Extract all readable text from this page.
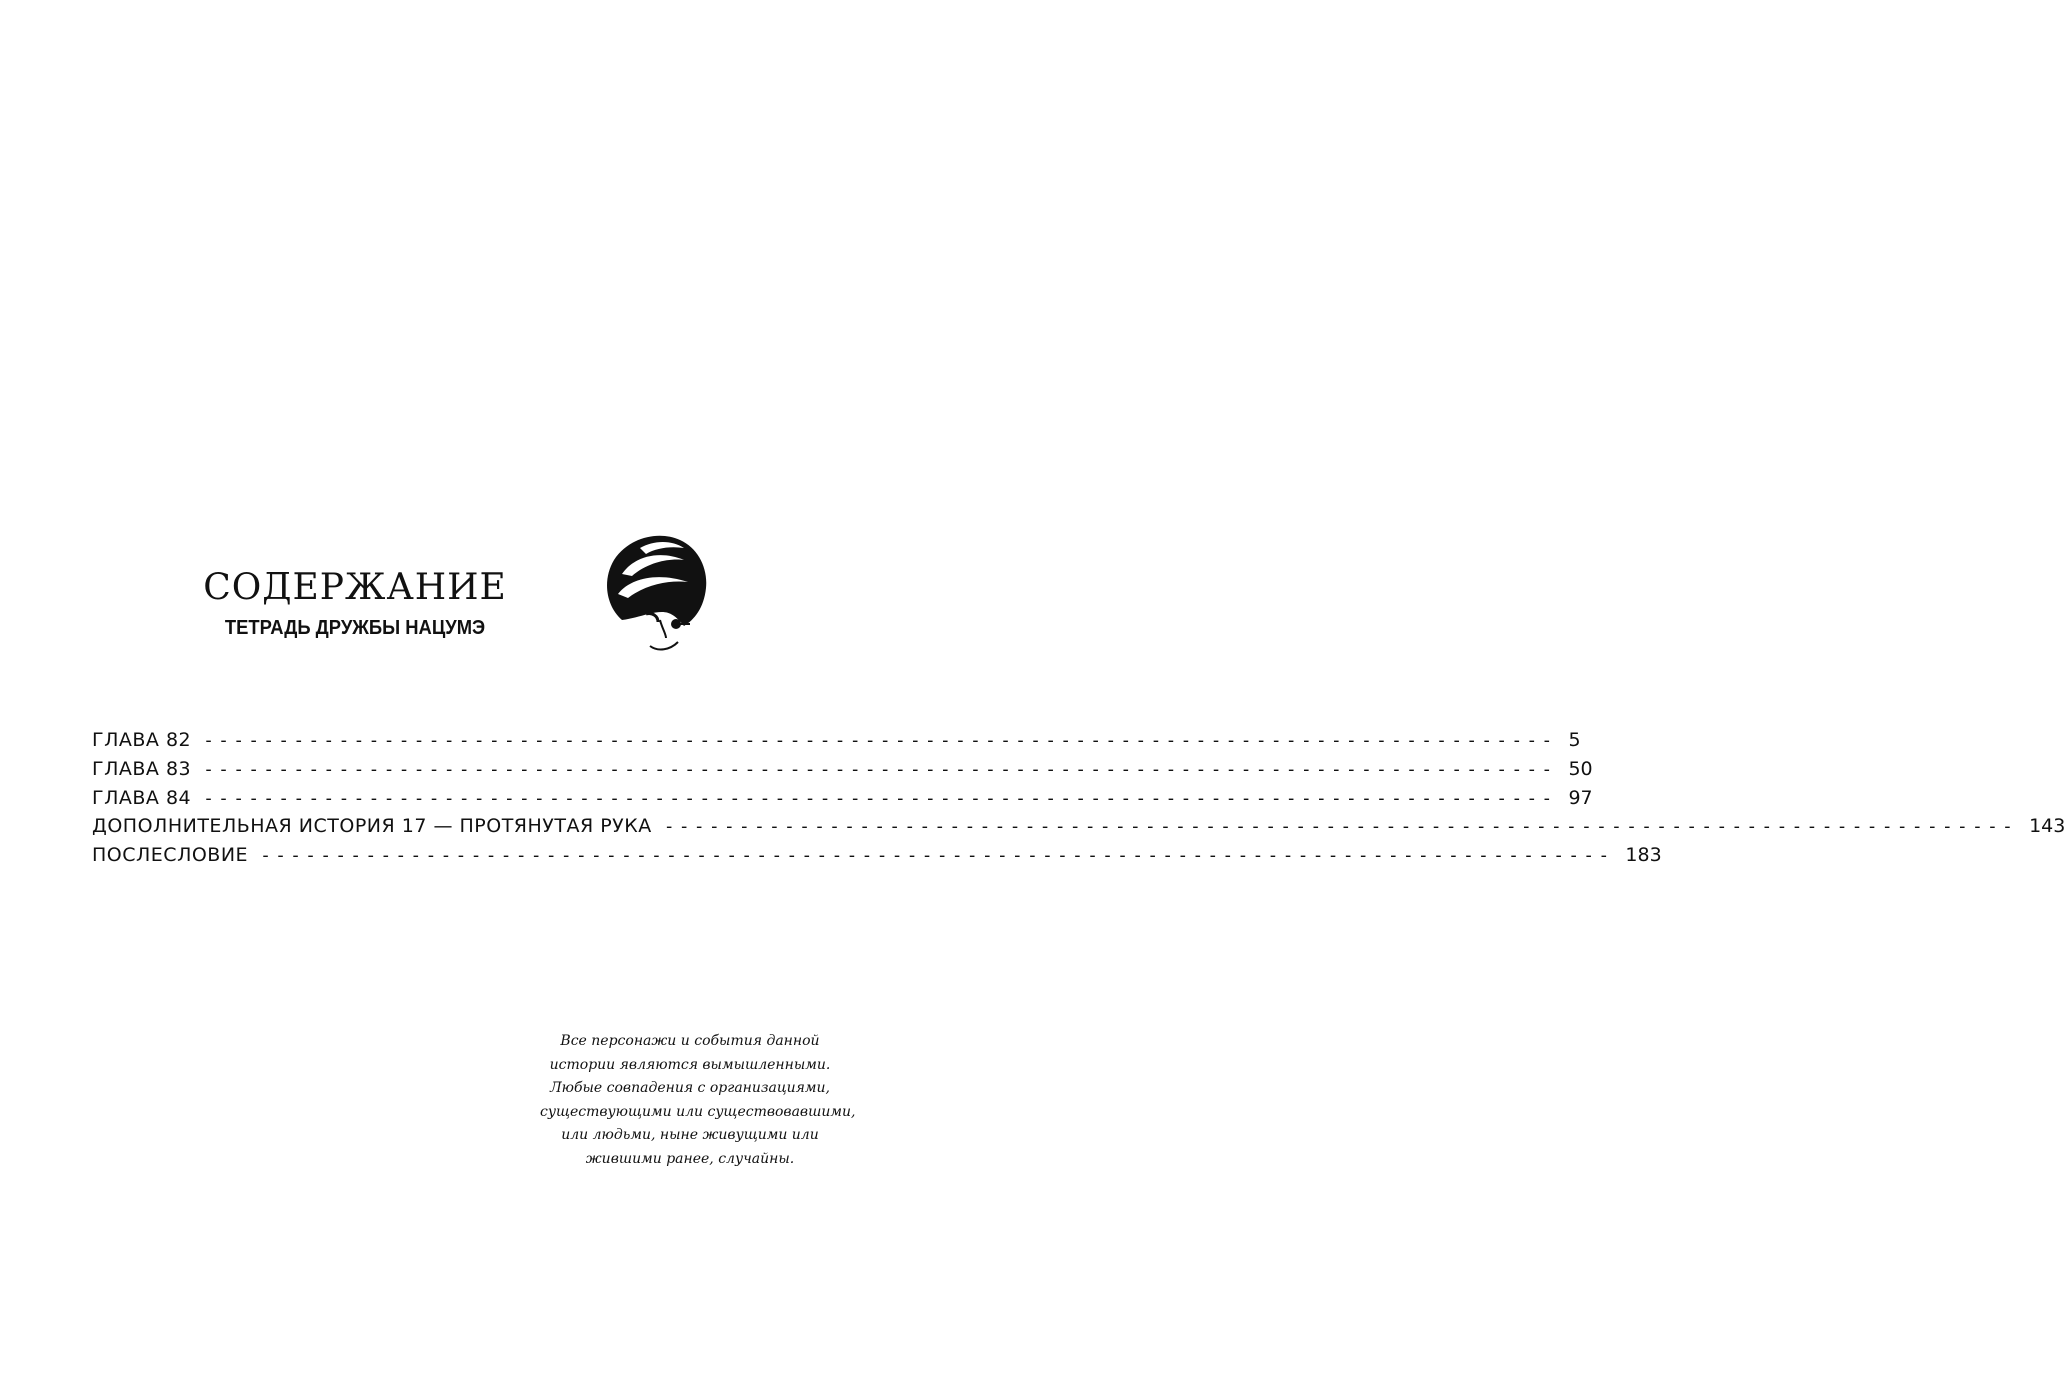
СОДЕРЖАНИЕ
ТЕТРАДЬ ДРУЖБЫ НАЦУМЭ
ГЛАВА 82 ------------------------------------------------------------------------------------------ 5
ГЛАВА 83 ------------------------------------------------------------------------------------------ 50
ГЛАВА 84 ------------------------------------------------------------------------------------------ 97
ДОПОЛНИТЕЛЬНАЯ ИСТОРИЯ 17 — ПРОТЯНУТАЯ РУКА ------------------------------------------------------------------------------------------ 143
ПОСЛЕСЛОВИЕ ------------------------------------------------------------------------------------------ 183
Все персонажи и события данной
истории являются вымышленными.
Любые совпадения с организациями,
существующими или существовавшими,
или людьми, ныне живущими или
жившими ранее, случайны.
